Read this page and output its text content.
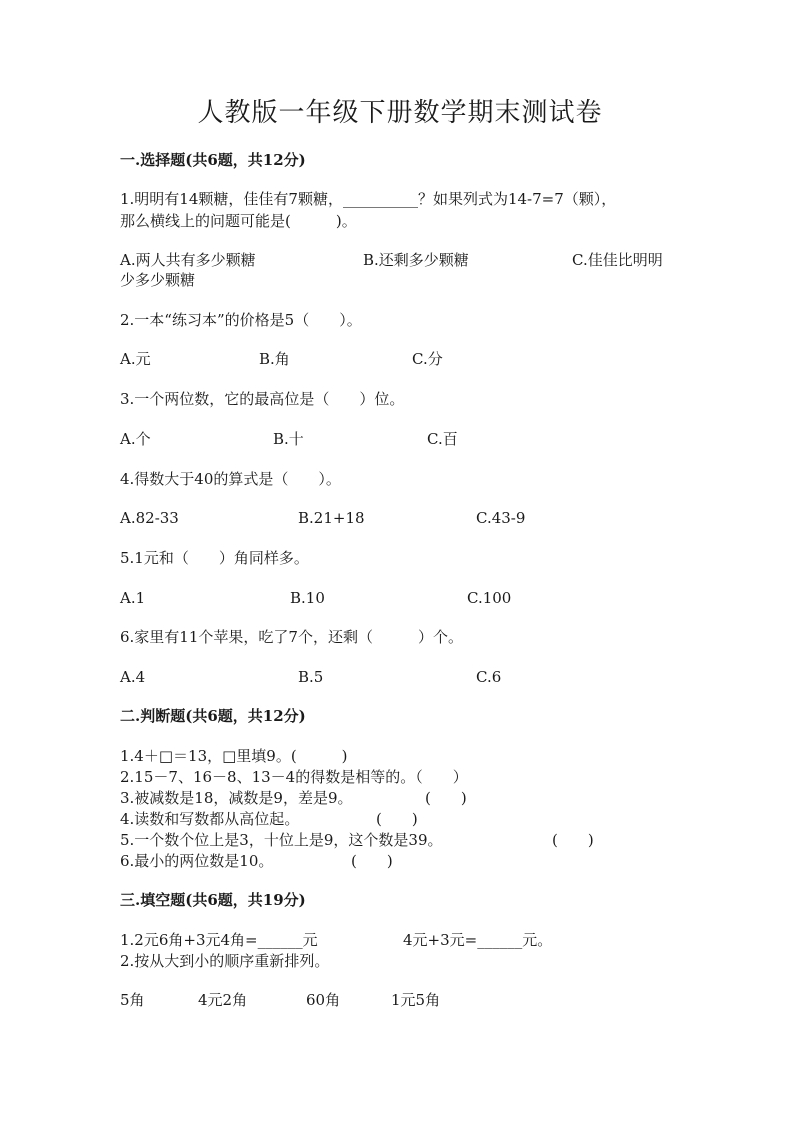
人教版一年级下册数学期末测试卷
一.选择题(共6题，共12分)
1.明明有14颗糖，佳佳有7颗糖，__________？如果列式为14-7=7（颗），
那么横线上的问题可能是(　　　)。
A.两人共有多少颗糖	B.还剩多少颗糖	C.佳佳比明明
少多少颗糖
2.一本“练习本”的价格是5（　　）。
A.元	B.角	C.分
3.一个两位数，它的最高位是（　　）位。
A.个	B.十	C.百
4.得数大于40的算式是（　　）。
A.82-33	B.21+18	C.43-9
5.1元和（　　）角同样多。
A.1	B.10	C.100
6.家里有11个苹果，吃了7个，还剩（　　　）个。
A.4	B.5	C.6
二.判断题(共6题，共12分)
1.4＋□＝13，□里填9。(　　　)
2.15－7、16－8、13－4的得数是相等的。（　　）
3.被减数是18，减数是9，差是9。	(　　)
4.读数和写数都从高位起。	(　　)
5.一个数个位上是3，十位上是9，这个数是39。	(　　)
6.最小的两位数是10。	(　　)
三.填空题(共6题，共19分)
1.2元6角+3元4角=______元	4元+3元=______元。
2.按从大到小的顺序重新排列。
5角	4元2角	60角	1元5角
